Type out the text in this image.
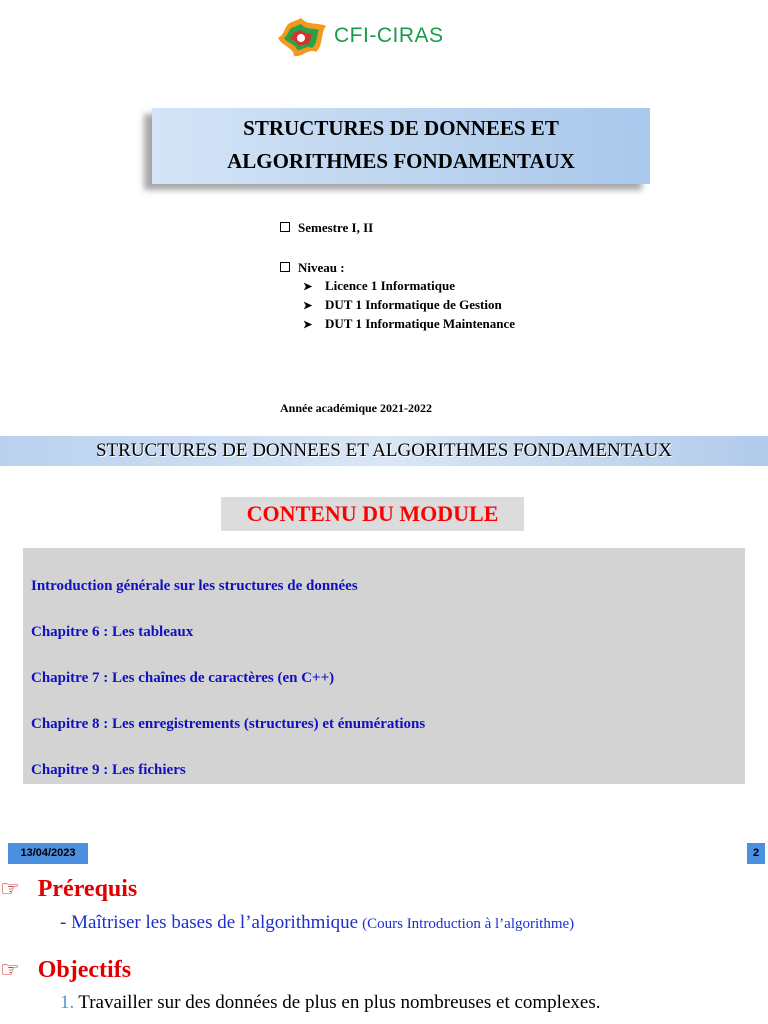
CFI-CIRAS
STRUCTURES DE DONNEES ET
ALGORITHMES FONDAMENTAUX
Semestre I, II
Niveau :
➤ Licence 1 Informatique
➤ DUT 1 Informatique de Gestion
➤ DUT 1 Informatique Maintenance
Année académique 2021-2022
STRUCTURES DE DONNEES ET ALGORITHMES FONDAMENTAUX
CONTENU DU MODULE
Introduction générale sur les structures de données
Chapitre 6 : Les tableaux
Chapitre 7 : Les chaînes de caractères (en C++)
Chapitre 8 : Les enregistrements (structures) et énumérations
Chapitre 9 : Les fichiers
13/04/2023	2
☞ Prérequis
- Maîtriser les bases de l’algorithmique (Cours Introduction à l’algorithme)
☞ Objectifs
1. Travailler sur des données de plus en plus nombreuses et complexes.
